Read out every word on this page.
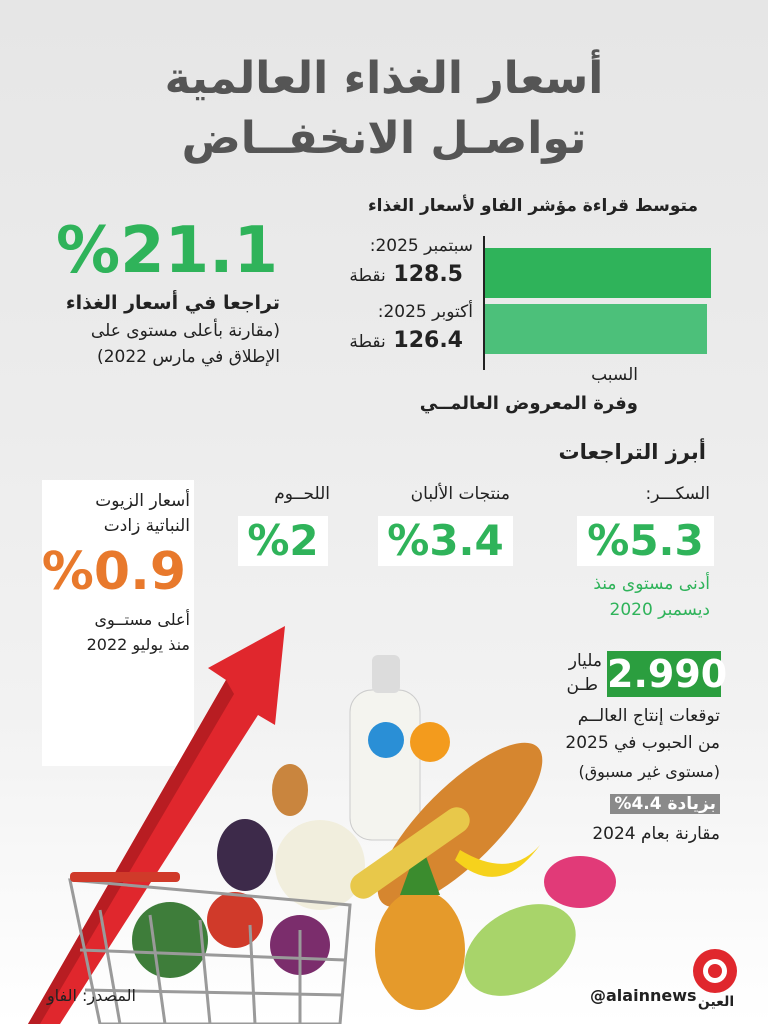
أسعار الغذاء العالمية
تواصـل الانخفــاض
متوسط قراءة مؤشر الفاو لأسعار الغذاء
سبتمبر 2025:
128.5 نقطة
أكتوبر 2025:
126.4 نقطة
السبب
وفرة المعروض العالمــي
%21.1
تراجعا في أسعار الغذاء
(مقارنة بأعلى مستوى على
الإطلاق في مارس 2022)
أبرز التراجعات
السكـــر:
%5.3
أدنى مستوى منذ
ديسمبر 2020
منتجات الألبان
%3.4
اللحــوم
%2
أسعار الزيوت
النباتية زادت
%0.9
أعلى مستــوى
منذ يوليو 2022
2.990
مليار
طـن
توقعات إنتاج العالــم
من الحبوب في 2025
(مستوى غير مسبوق)
بزيادة 4.4%
مقارنة بعام 2024
@alainnews
المصدر: الفاو	العين
